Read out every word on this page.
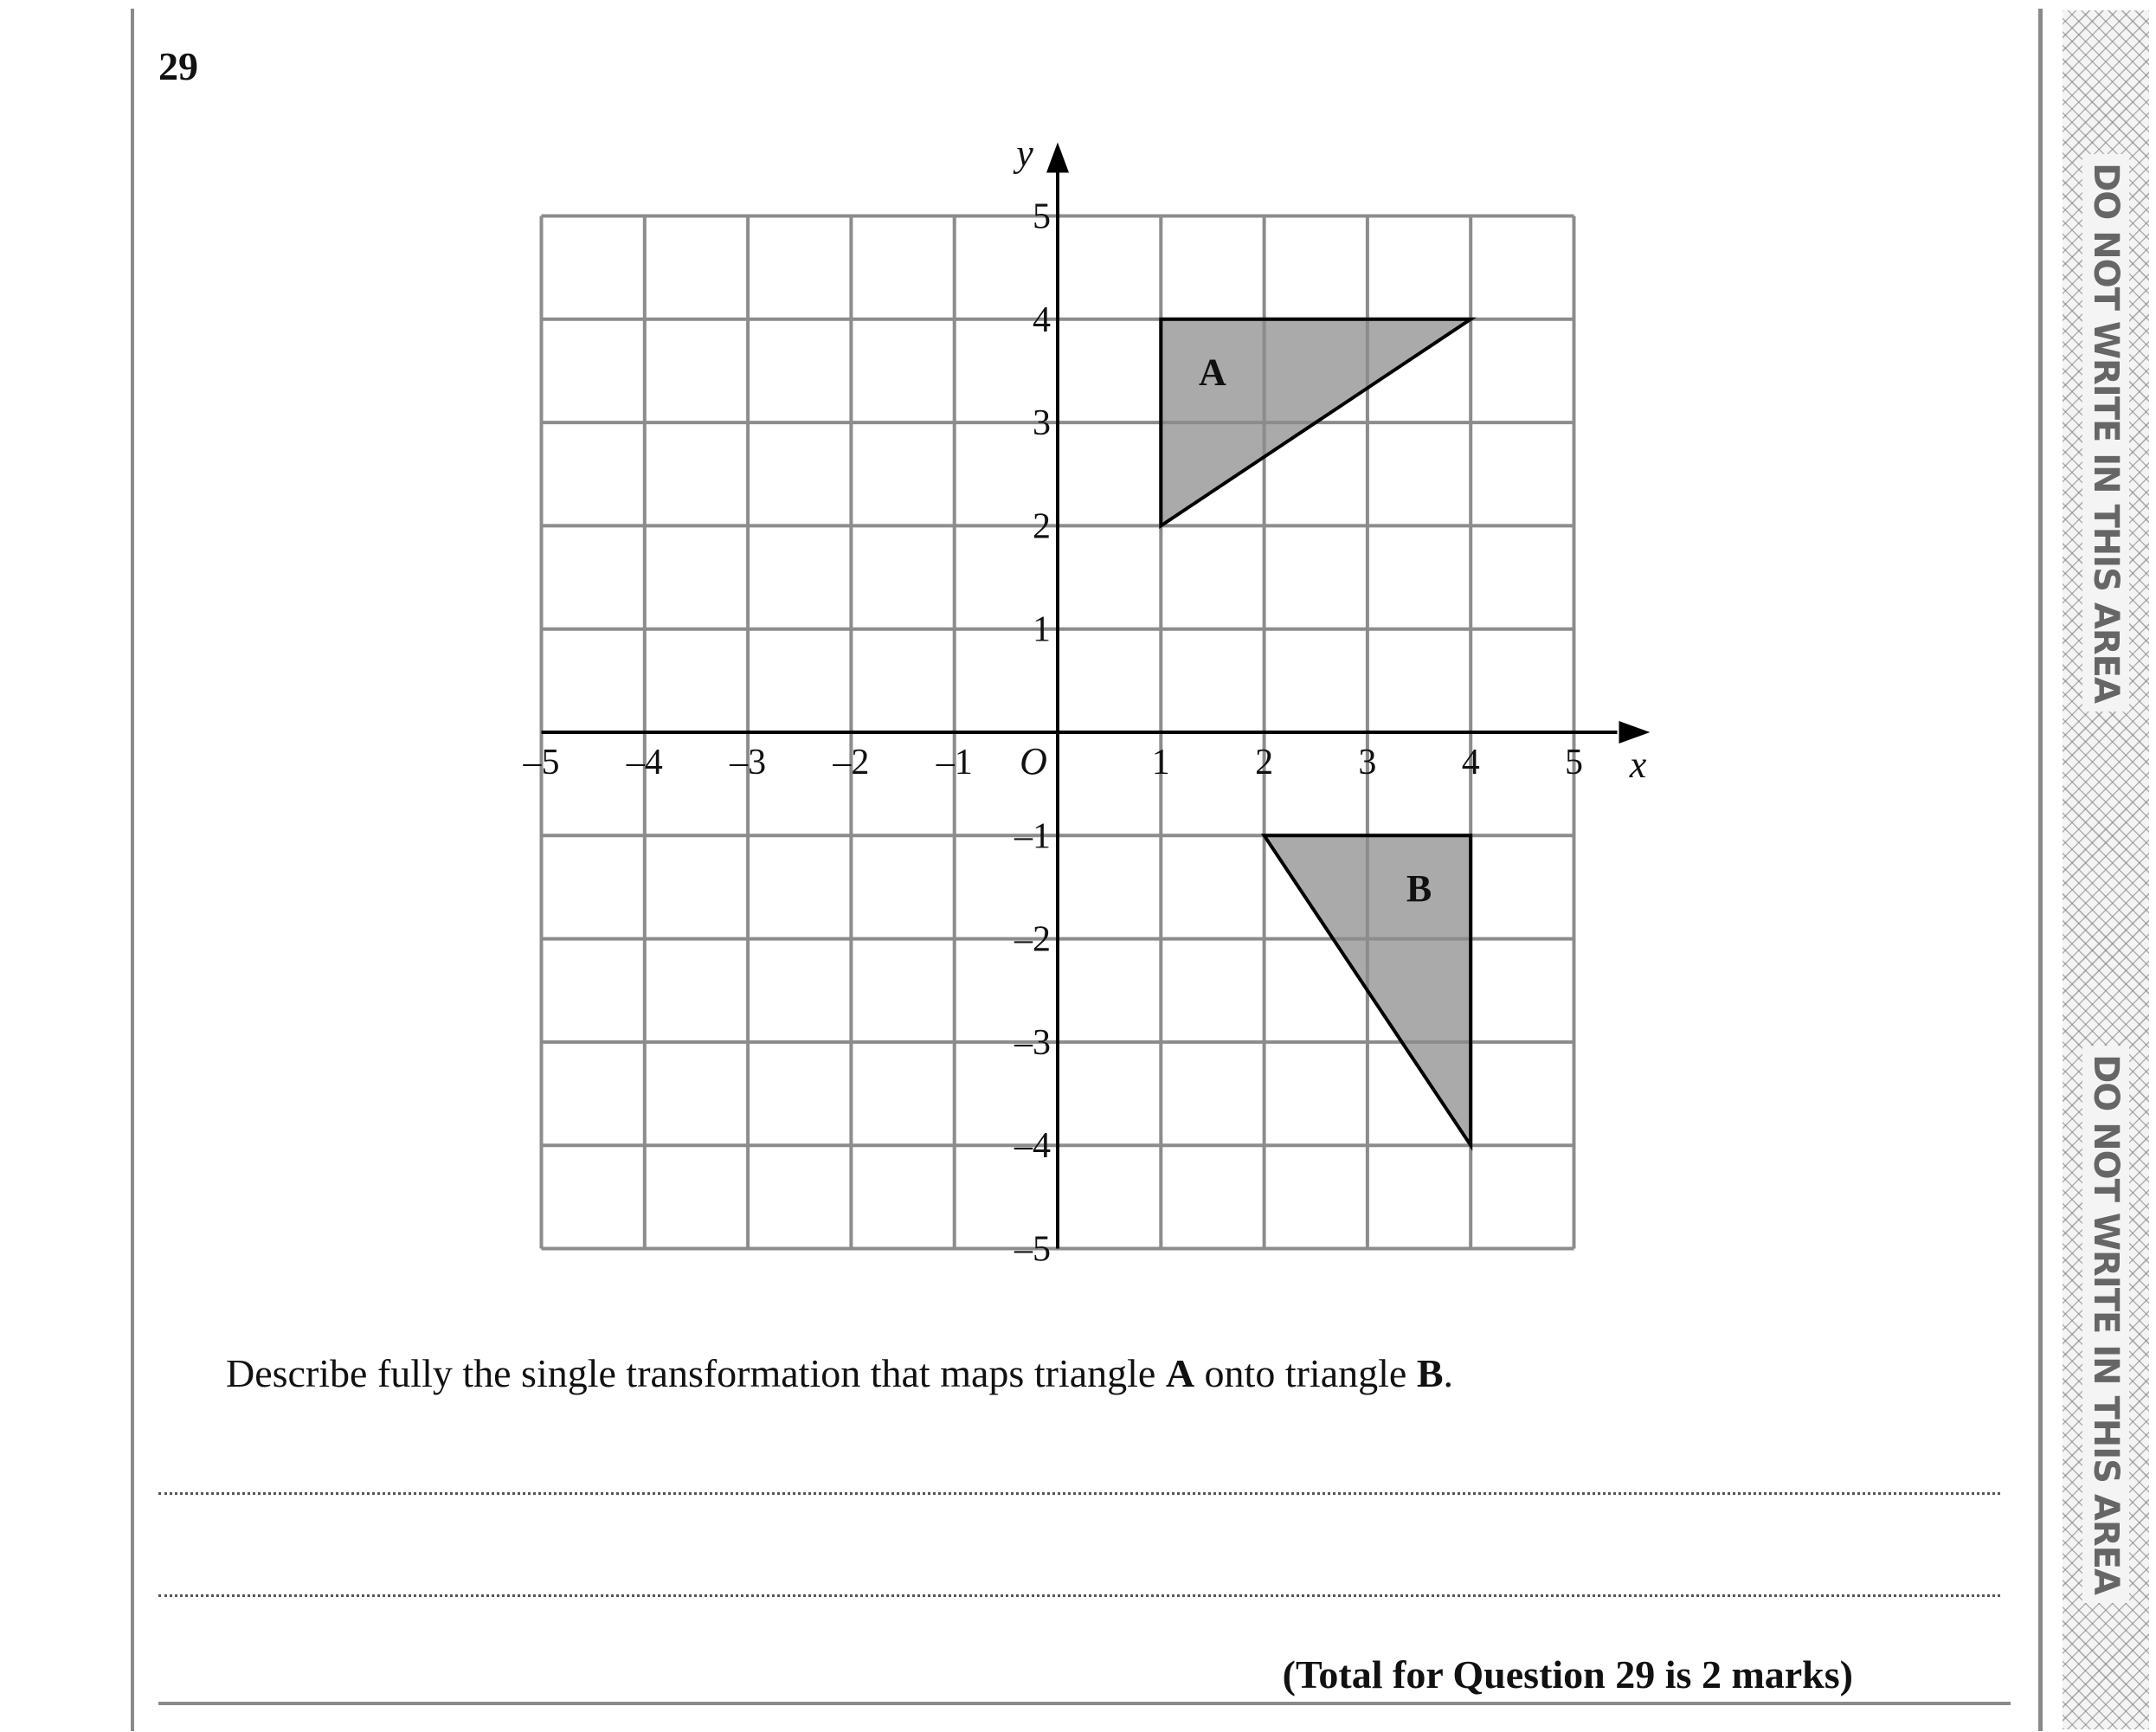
DO NOT WRITE IN THIS AREA
DO NOT WRITE IN THIS AREA
29
–5 –4 –3 –2 –1	1 2 3 4 5
5
4
3
2
1
–1
–2
–3
–4
–5
O	x
y
A
B
Describe fully the single transformation that maps triangle A onto triangle B.
(Total for Question 29 is 2 marks)
